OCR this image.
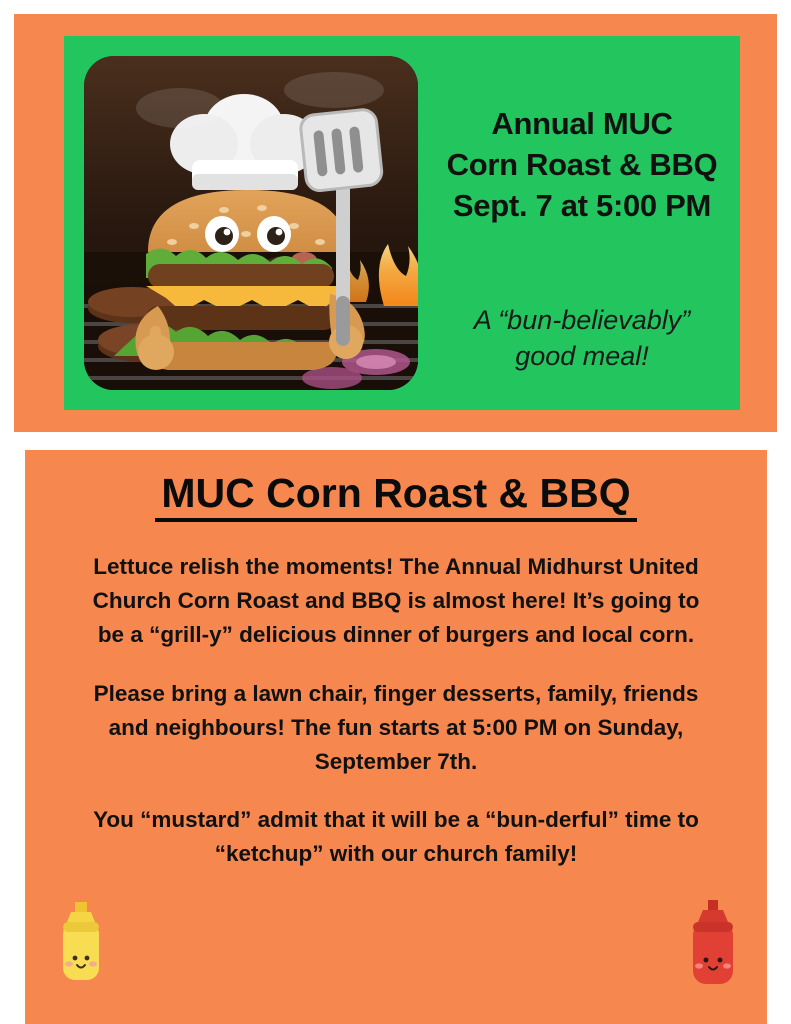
Annual MUC
Corn Roast & BBQ
Sept. 7 at 5:00 PM
A “bun-believably”
good meal!
MUC Corn Roast & BBQ

Lettuce relish the moments! The Annual Midhurst United Church Corn Roast and BBQ is almost here! It’s going to be a “grill-y” delicious dinner of burgers and local corn.

Please bring a lawn chair, finger desserts, family, friends and neighbours! The fun starts at 5:00 PM on Sunday, September 7th.

You “mustard” admit that it will be a “bun-derful” time to “ketchup” with our church family!
